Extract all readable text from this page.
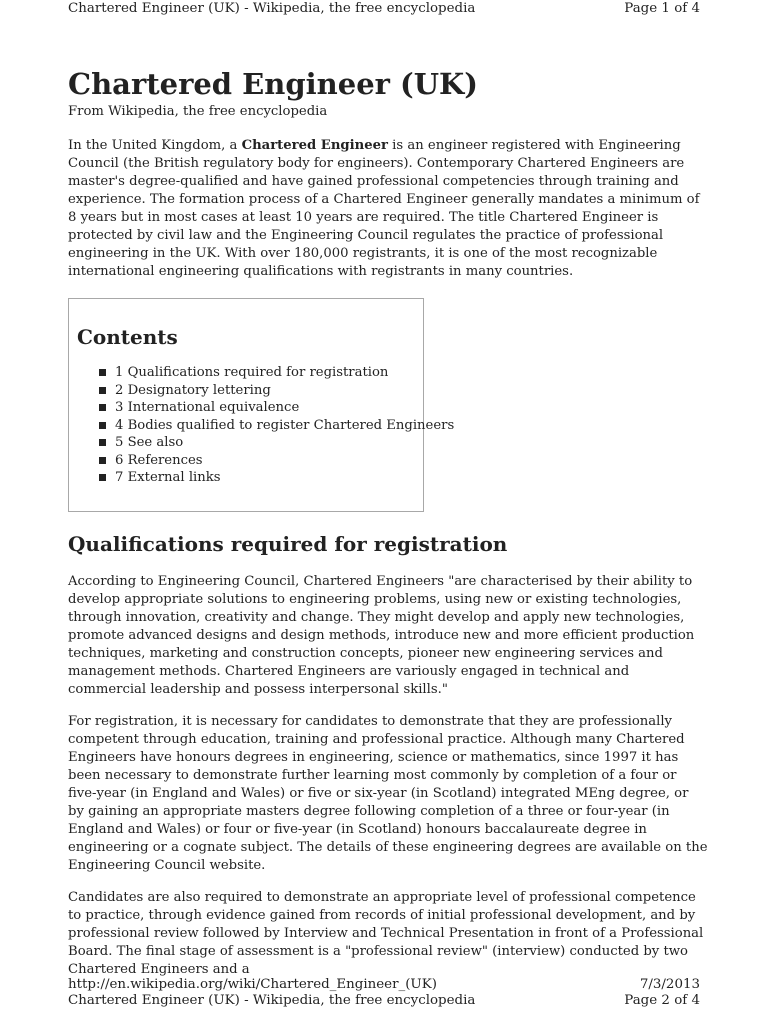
Chartered Engineer (UK) - Wikipedia, the free encyclopedia	Page 1 of 4
Chartered Engineer (UK)
From Wikipedia, the free encyclopedia

In the United Kingdom, a Chartered Engineer is an engineer registered with Engineering Council (the British regulatory body for engineers). Contemporary Chartered Engineers are master's degree-qualified and have gained professional competencies through training and experience. The formation process of a Chartered Engineer generally mandates a minimum of 8 years but in most cases at least 10 years are required. The title Chartered Engineer is protected by civil law and the Engineering Council regulates the practice of professional engineering in the UK. With over 180,000 registrants, it is one of the most recognizable international engineering qualifications with registrants in many countries.

Contents
1 Qualifications required for registration
2 Designatory lettering
3 International equivalence
4 Bodies qualified to register Chartered Engineers
5 See also
6 References
7 External links
Qualifications required for registration

According to Engineering Council, Chartered Engineers "are characterised by their ability to develop appropriate solutions to engineering problems, using new or existing technologies, through innovation, creativity and change. They might develop and apply new technologies, promote advanced designs and design methods, introduce new and more efficient production techniques, marketing and construction concepts, pioneer new engineering services and management methods. Chartered Engineers are variously engaged in technical and commercial leadership and possess interpersonal skills."

For registration, it is necessary for candidates to demonstrate that they are professionally competent through education, training and professional practice. Although many Chartered Engineers have honours degrees in engineering, science or mathematics, since 1997 it has been necessary to demonstrate further learning most commonly by completion of a four or five-year (in England and Wales) or five or six-year (in Scotland) integrated MEng degree, or by gaining an appropriate masters degree following completion of a three or four-year (in England and Wales) or four or five-year (in Scotland) honours baccalaureate degree in engineering or a cognate subject. The details of these engineering degrees are available on the Engineering Council website.

Candidates are also required to demonstrate an appropriate level of professional competence to practice, through evidence gained from records of initial professional development, and by professional review followed by Interview and Technical Presentation in front of a Professional Board. The final stage of assessment is a "professional review" (interview) conducted by two Chartered Engineers and a

http://en.wikipedia.org/wiki/Chartered_Engineer_(UK)	7/3/2013
Chartered Engineer (UK) - Wikipedia, the free encyclopedia	Page 2 of 4
